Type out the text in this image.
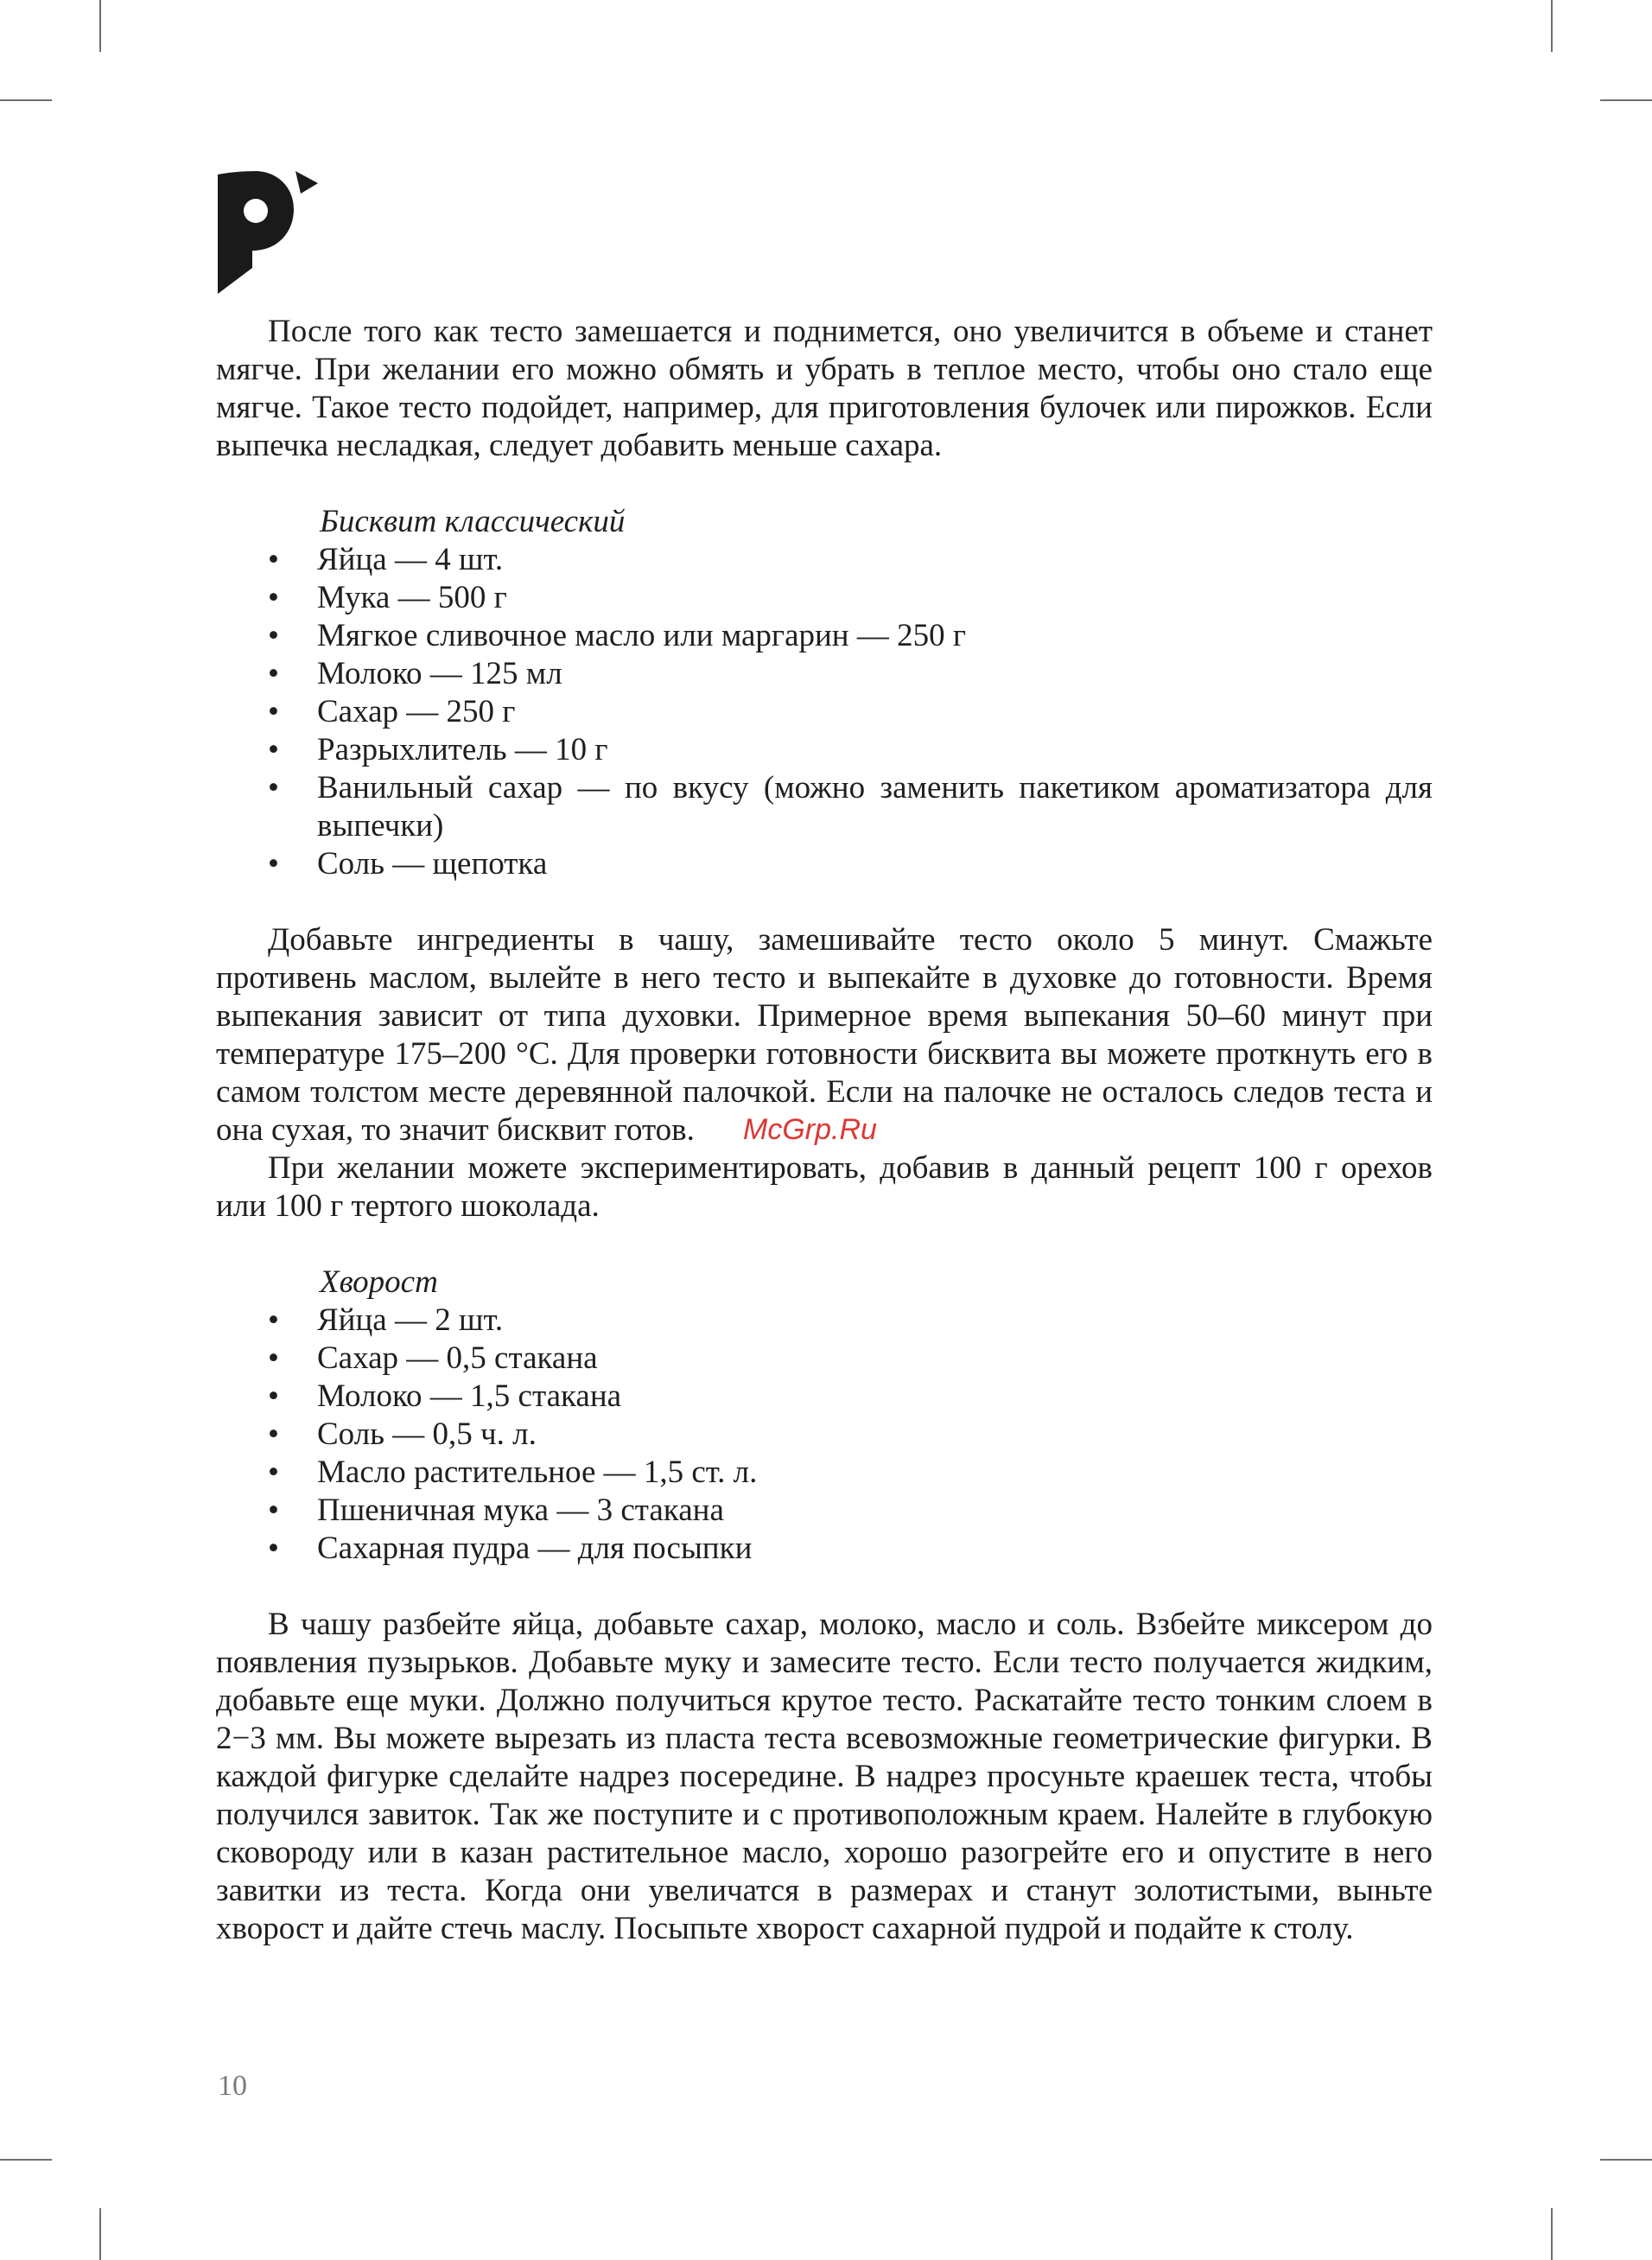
После того как тесто замешается и поднимется, оно увеличится в объеме и станет мягче. При желании его можно обмять и убрать в теплое место, чтобы оно стало еще мягче. Такое тесто подойдет, например, для приготовления булочек или пирожков. Если выпечка несладкая, следует добавить меньше сахара.

Бисквит классический

• Яйца — 4 шт.
• Мука — 500 г
• Мягкое сливочное масло или маргарин — 250 г
• Молоко — 125 мл
• Сахар — 250 г
• Разрыхлитель — 10 г
• Ванильный сахар — по вкусу (можно заменить пакетиком ароматизатора для выпечки)
• Соль — щепотка

Добавьте ингредиенты в чашу, замешивайте тесто около 5 минут. Смажьте противень маслом, вылейте в него тесто и выпекайте в духовке до готовности. Время выпекания зависит от типа духовки. Примерное время выпекания 50–60 минут при температуре 175–200 °С. Для проверки готовности бисквита вы можете проткнуть его в самом толстом месте деревянной палочкой. Если на палочке не осталось следов теста и она сухая, то значит бисквит готов.

При желании можете экспериментировать, добавив в данный рецепт 100 г орехов или 100 г тертого шоколада.

Хворост

• Яйца — 2 шт.
• Сахар — 0,5 стакана
• Молоко — 1,5 стакана
• Соль — 0,5 ч. л.
• Масло растительное — 1,5 ст. л.
• Пшеничная мука — 3 стакана
• Сахарная пудра — для посыпки

В чашу разбейте яйца, добавьте сахар, молоко, масло и соль. Взбейте миксером до появления пузырьков. Добавьте муку и замесите тесто. Если тесто получается жидким, добавьте еще муки. Должно получиться крутое тесто. Раскатайте тесто тонким слоем в 2−3 мм. Вы можете вырезать из пласта теста всевозможные геометрические фигурки. В каждой фигурке сделайте надрез посередине. В надрез просуньте краешек теста, чтобы получился завиток. Так же поступите и с противоположным краем. Налейте в глубокую сковороду или в казан растительное масло, хорошо разогрейте его и опустите в него завитки из теста. Когда они увеличатся в размерах и станут золотистыми, выньте хворост и дайте стечь маслу. Посыпьте хворост сахарной пудрой и подайте к столу.

McGrp.Ru
10
